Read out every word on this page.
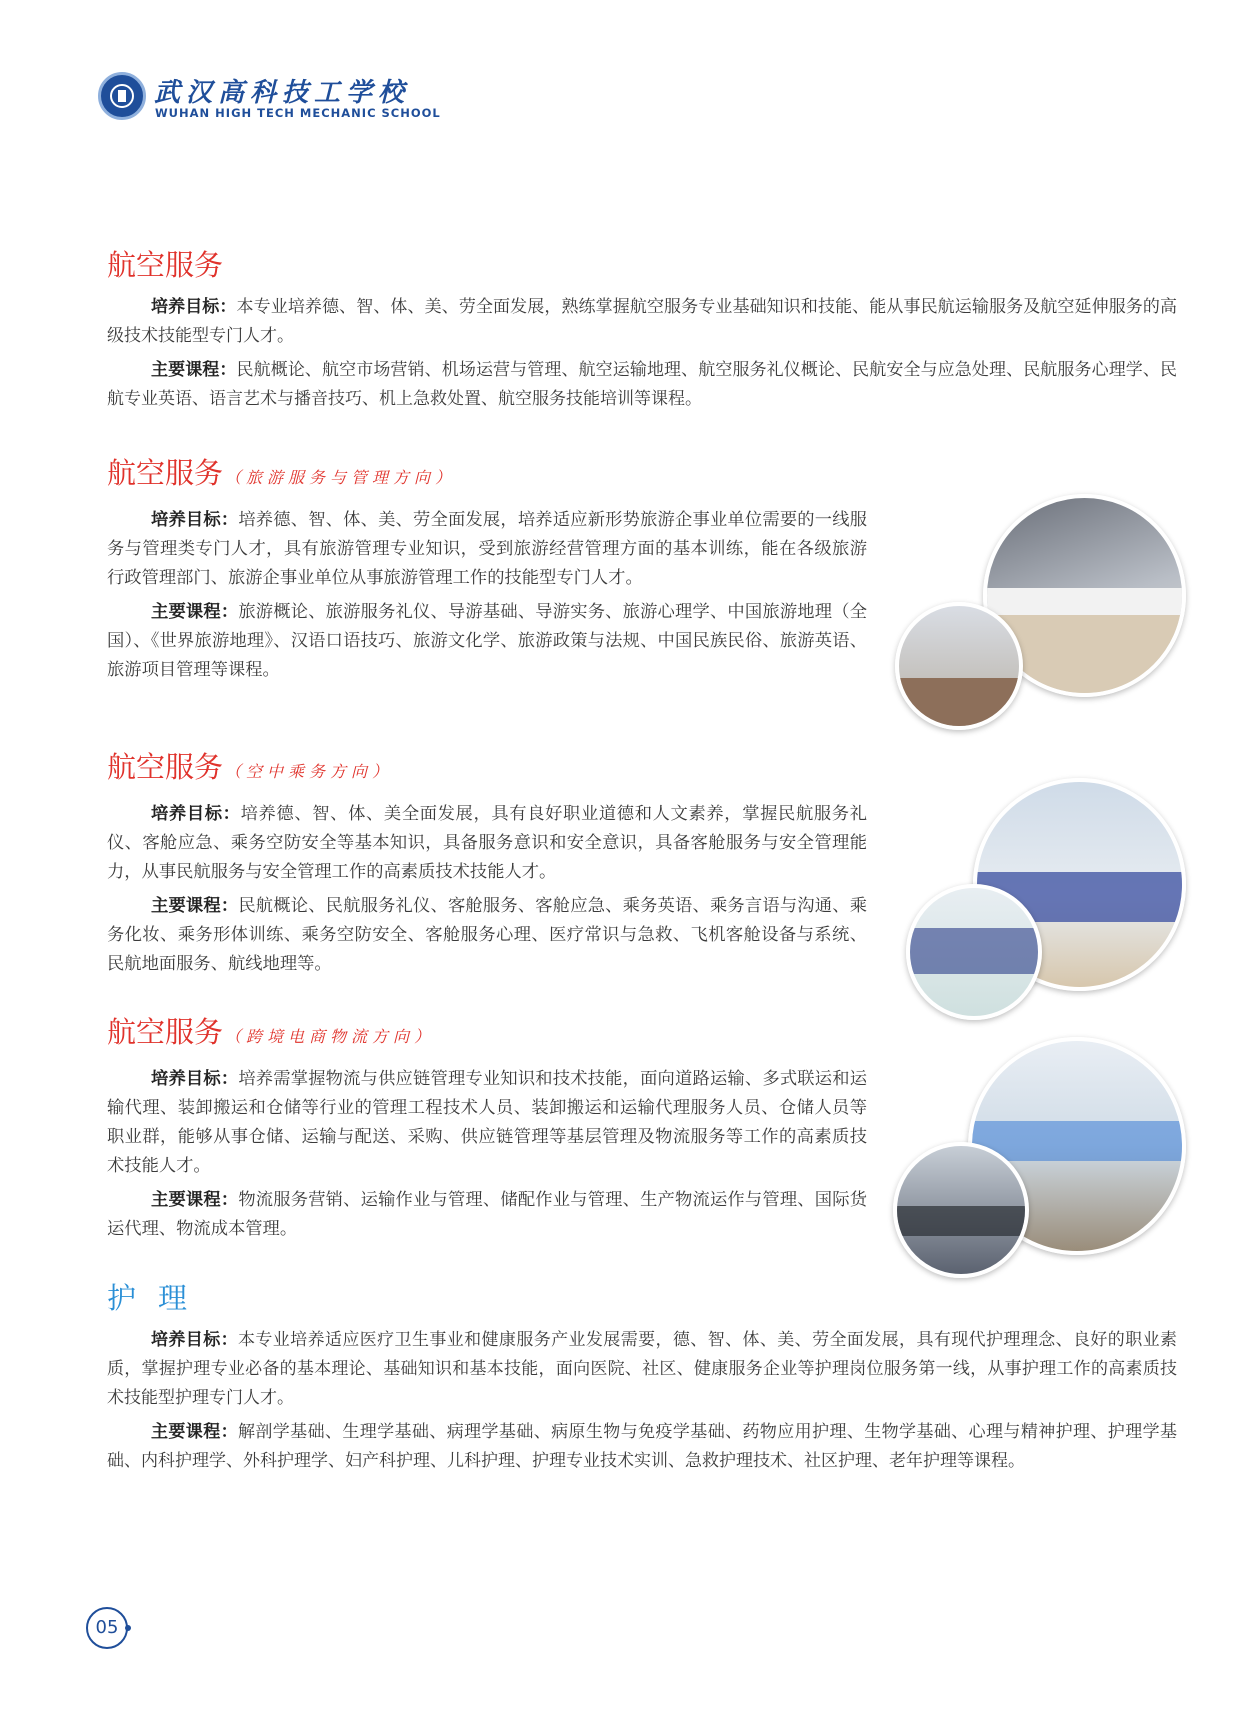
武汉高科技工学校
WUHAN HIGH TECH MECHANIC SCHOOL
航空服务

培养目标：本专业培养德、智、体、美、劳全面发展，熟练掌握航空服务专业基础知识和技能、能从事民航运输服务及航空延伸服务的高级技术技能型专门人才。

主要课程：民航概论、航空市场营销、机场运营与管理、航空运输地理、航空服务礼仪概论、民航安全与应急处理、民航服务心理学、民航专业英语、语言艺术与播音技巧、机上急救处置、航空服务技能培训等课程。

航空服务 （旅游服务与管理方向）

培养目标：培养德、智、体、美、劳全面发展，培养适应新形势旅游企事业单位需要的一线服务与管理类专门人才，具有旅游管理专业知识，受到旅游经营管理方面的基本训练，能在各级旅游行政管理部门、旅游企事业单位从事旅游管理工作的技能型专门人才。

主要课程：旅游概论、旅游服务礼仪、导游基础、导游实务、旅游心理学、中国旅游地理（全国）、《世界旅游地理》、汉语口语技巧、旅游文化学、旅游政策与法规、中国民族民俗、旅游英语、旅游项目管理等课程。

航空服务 （空中乘务方向）

培养目标：培养德、智、体、美全面发展，具有良好职业道德和人文素养，掌握民航服务礼仪、客舱应急、乘务空防安全等基本知识，具备服务意识和安全意识，具备客舱服务与安全管理能力，从事民航服务与安全管理工作的高素质技术技能人才。

主要课程：民航概论、民航服务礼仪、客舱服务、客舱应急、乘务英语、乘务言语与沟通、乘务化妆、乘务形体训练、乘务空防安全、客舱服务心理、医疗常识与急救、飞机客舱设备与系统、民航地面服务、航线地理等。

航空服务 （跨境电商物流方向）

培养目标：培养需掌握物流与供应链管理专业知识和技术技能，面向道路运输、多式联运和运输代理、装卸搬运和仓储等行业的管理工程技术人员、装卸搬运和运输代理服务人员、仓储人员等职业群，能够从事仓储、运输与配送、采购、供应链管理等基层管理及物流服务等工作的高素质技术技能人才。

主要课程：物流服务营销、运输作业与管理、储配作业与管理、生产物流运作与管理、国际货运代理、物流成本管理。

护理

培养目标：本专业培养适应医疗卫生事业和健康服务产业发展需要，德、智、体、美、劳全面发展，具有现代护理理念、良好的职业素质，掌握护理专业必备的基本理论、基础知识和基本技能，面向医院、社区、健康服务企业等护理岗位服务第一线，从事护理工作的高素质技术技能型护理专门人才。

主要课程：解剖学基础、生理学基础、病理学基础、病原生物与免疫学基础、药物应用护理、生物学基础、心理与精神护理、护理学基础、内科护理学、外科护理学、妇产科护理、儿科护理、护理专业技术实训、急救护理技术、社区护理、老年护理等课程。

05
